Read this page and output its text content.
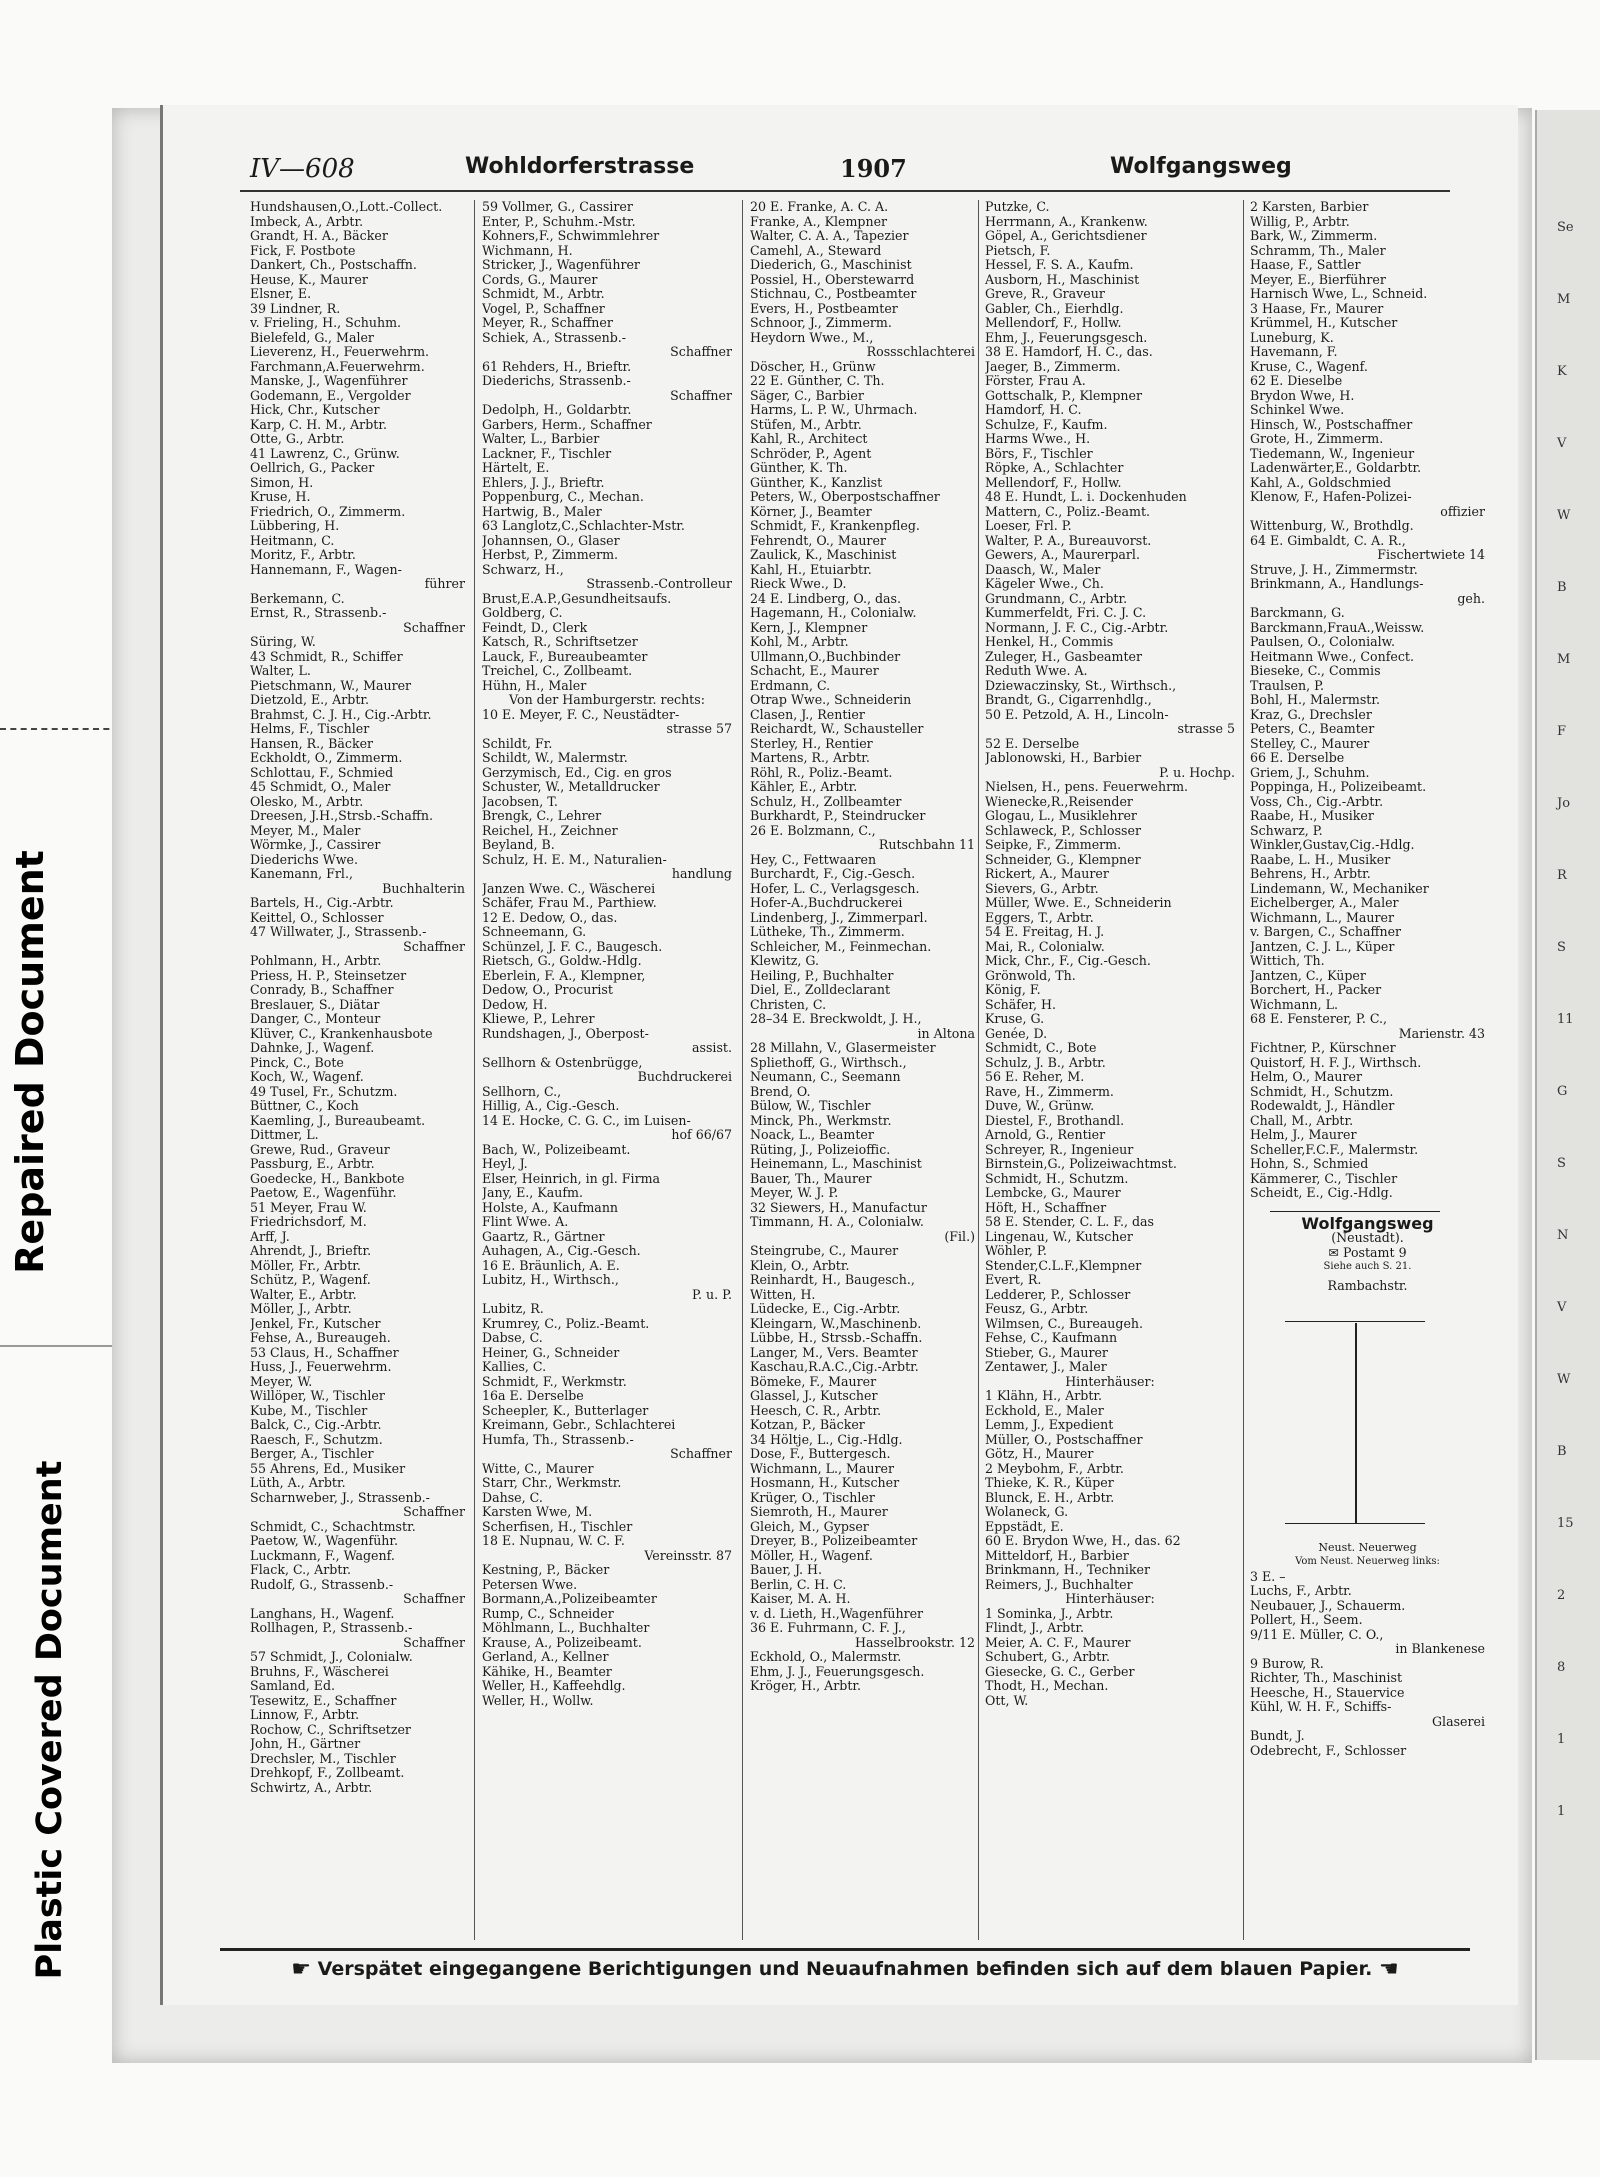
Repaired Document
Plastic Covered Document
Se
M
K
V
W
B
M
F
Jo
R
S
11
G
S
N
V
W
B
15
2
8
1
1
IV—608	Wohldorferstrasse	1907	Wolfgangsweg
Hundshausen,O.,Lott.-Collect.
Imbeck, A., Arbtr.
Grandt, H. A., Bäcker
Fick, F. Postbote
Dankert, Ch., Postschaffn.
Heuse, K., Maurer
Elsner, E.
39 Lindner, R.
v. Frieling, H., Schuhm.
Bielefeld, G., Maler
Lieverenz, H., Feuerwehrm.
Farchmann,A.Feuerwehrm.
Manske, J., Wagenführer
Godemann, E., Vergolder
Hick, Chr., Kutscher
Karp, C. H. M., Arbtr.
Otte, G., Arbtr.
41 Lawrenz, C., Grünw.
Oellrich, G., Packer
Simon, H.
Kruse, H.
Friedrich, O., Zimmerm.
Lübbering, H.
Heitmann, C.
Moritz, F., Arbtr.
Hannemann, F., Wagen-
führer
Berkemann, C.
Ernst, R., Strassenb.-
Schaffner
Süring, W.
43 Schmidt, R., Schiffer
Walter, L.
Pietschmann, W., Maurer
Dietzold, E., Arbtr.
Brahmst, C. J. H., Cig.-Arbtr.
Helms, F., Tischler
Hansen, R., Bäcker
Eckholdt, O., Zimmerm.
Schlottau, F., Schmied
45 Schmidt, O., Maler
Olesko, M., Arbtr.
Dreesen, J.H.,Strsb.-Schaffn.
Meyer, M., Maler
Wörmke, J., Cassirer
Diederichs Wwe.
Kanemann, Frl.,
Buchhalterin
Bartels, H., Cig.-Arbtr.
Keittel, O., Schlosser
47 Willwater, J., Strassenb.-
Schaffner
Pohlmann, H., Arbtr.
Priess, H. P., Steinsetzer
Conrady, B., Schaffner
Breslauer, S., Diätar
Danger, C., Monteur
Klüver, C., Krankenhausbote
Dahnke, J., Wagenf.
Pinck, C., Bote
Koch, W., Wagenf.
49 Tusel, Fr., Schutzm.
Büttner, C., Koch
Kaemling, J., Bureaubeamt.
Dittmer, L.
Grewe, Rud., Graveur
Passburg, E., Arbtr.
Goedecke, H., Bankbote
Paetow, E., Wagenführ.
51 Meyer, Frau W.
Friedrichsdorf, M.
Arff, J.
Ahrendt, J., Brieftr.
Möller, Fr., Arbtr.
Schütz, P., Wagenf.
Walter, E., Arbtr.
Möller, J., Arbtr.
Jenkel, Fr., Kutscher
Fehse, A., Bureaugeh.
53 Claus, H., Schaffner
Huss, J., Feuerwehrm.
Meyer, W.
Willöper, W., Tischler
Kube, M., Tischler
Balck, C., Cig.-Arbtr.
Raesch, F., Schutzm.
Berger, A., Tischler
55 Ahrens, Ed., Musiker
Lüth, A., Arbtr.
Scharnweber, J., Strassenb.-
Schaffner
Schmidt, C., Schachtmstr.
Paetow, W., Wagenführ.
Luckmann, F., Wagenf.
Flack, C., Arbtr.
Rudolf, G., Strassenb.-
Schaffner
Langhans, H., Wagenf.
Rollhagen, P., Strassenb.-
Schaffner
57 Schmidt, J., Colonialw.
Bruhns, F., Wäscherei
Samland, Ed.
Tesewitz, E., Schaffner
Linnow, F., Arbtr.
Rochow, C., Schriftsetzer
John, H., Gärtner
Drechsler, M., Tischler
Drehkopf, F., Zollbeamt.
Schwirtz, A., Arbtr.
59 Vollmer, G., Cassirer
Enter, P., Schuhm.-Mstr.
Kohners,F., Schwimmlehrer
Wichmann, H.
Stricker, J., Wagenführer
Cords, G., Maurer
Schmidt, M., Arbtr.
Vogel, P., Schaffner
Meyer, R., Schaffner
Schiek, A., Strassenb.-
Schaffner
61 Rehders, H., Brieftr.
Diederichs, Strassenb.-
Schaffner
Dedolph, H., Goldarbtr.
Garbers, Herm., Schaffner
Walter, L., Barbier
Lackner, F., Tischler
Härtelt, E.
Ehlers, J. J., Brieftr.
Poppenburg, C., Mechan.
Hartwig, B., Maler
63 Langlotz,C.,Schlachter-Mstr.
Johannsen, O., Glaser
Herbst, P., Zimmerm.
Schwarz, H.,
Strassenb.-Controlleur
Brust,E.A.P.,Gesundheitsaufs.
Goldberg, C.
Feindt, D., Clerk
Katsch, R., Schriftsetzer
Lauck, F., Bureaubeamter
Treichel, C., Zollbeamt.
Hühn, H., Maler
Von der Hamburgerstr. rechts:
10 E. Meyer, F. C., Neustädter-
strasse 57
Schildt, Fr.
Schildt, W., Malermstr.
Gerzymisch, Ed., Cig. en gros
Schuster, W., Metalldrucker
Jacobsen, T.
Brengk, C., Lehrer
Reichel, H., Zeichner
Beyland, B.
Schulz, H. E. M., Naturalien-
handlung
Janzen Wwe. C., Wäscherei
Schäfer, Frau M., Parthiew.
12 E. Dedow, O., das.
Schneemann, G.
Schünzel, J. F. C., Baugesch.
Rietsch, G., Goldw.-Hdlg.
Eberlein, F. A., Klempner,
Dedow, O., Procurist
Dedow, H.
Kliewe, P., Lehrer
Rundshagen, J., Oberpost-
assist.
Sellhorn & Ostenbrügge,
Buchdruckerei
Sellhorn, C.,
Hillig, A., Cig.-Gesch.
14 E. Hocke, C. G. C., im Luisen-
hof 66/67
Bach, W., Polizeibeamt.
Heyl, J.
Elser, Heinrich, in gl. Firma
Jany, E., Kaufm.
Holste, A., Kaufmann
Flint Wwe. A.
Gaartz, R., Gärtner
Auhagen, A., Cig.-Gesch.
16 E. Bräunlich, A. E.
Lubitz, H., Wirthsch.,
P. u. P.
Lubitz, R.
Krumrey, C., Poliz.-Beamt.
Dabse, C.
Heiner, G., Schneider
Kallies, C.
Schmidt, F., Werkmstr.
16a E. Derselbe
Scheepler, K., Butterlager
Kreimann, Gebr., Schlachterei
Humfa, Th., Strassenb.-
Schaffner
Witte, C., Maurer
Starr, Chr., Werkmstr.
Dahse, C.
Karsten Wwe, M.
Scherfisen, H., Tischler
18 E. Nupnau, W. C. F.
Vereinsstr. 87
Kestning, P., Bäcker
Petersen Wwe.
Bormann,A.,Polizeibeamter
Rump, C., Schneider
Möhlmann, L., Buchhalter
Krause, A., Polizeibeamt.
Gerland, A., Kellner
Kähike, H., Beamter
Weller, H., Kaffeehdlg.
Weller, H., Wollw.
20 E. Franke, A. C. A.
Franke, A., Klempner
Walter, C. A. A., Tapezier
Camehl, A., Steward
Diederich, G., Maschinist
Possiel, H., Oberstewarrd
Stichnau, C., Postbeamter
Evers, H., Postbeamter
Schnoor, J., Zimmerm.
Heydorn Wwe., M.,
Rossschlachterei
Döscher, H., Grünw
22 E. Günther, C. Th.
Säger, C., Barbier
Harms, L. P. W., Uhrmach.
Stüfen, M., Arbtr.
Kahl, R., Architect
Schröder, P., Agent
Günther, K. Th.
Günther, K., Kanzlist
Peters, W., Oberpostschaffner
Körner, J., Beamter
Schmidt, F., Krankenpfleg.
Fehrendt, O., Maurer
Zaulick, K., Maschinist
Kahl, H., Etuiarbtr.
Rieck Wwe., D.
24 E. Lindberg, O., das.
Hagemann, H., Colonialw.
Kern, J., Klempner
Kohl, M., Arbtr.
Ullmann,O.,Buchbinder
Schacht, E., Maurer
Erdmann, C.
Otrap Wwe., Schneiderin
Clasen, J., Rentier
Reichardt, W., Schausteller
Sterley, H., Rentier
Martens, R., Arbtr.
Röhl, R., Poliz.-Beamt.
Kähler, E., Arbtr.
Schulz, H., Zollbeamter
Burkhardt, P., Steindrucker
26 E. Bolzmann, C.,
Rutschbahn 11
Hey, C., Fettwaaren
Burchardt, F., Cig.-Gesch.
Hofer, L. C., Verlagsgesch.
Hofer-A.,Buchdruckerei
Lindenberg, J., Zimmerparl.
Lütheke, Th., Zimmerm.
Schleicher, M., Feinmechan.
Klewitz, G.
Heiling, P., Buchhalter
Diel, E., Zolldeclarant
Christen, C.
28–34 E. Breckwoldt, J. H.,
in Altona
28 Millahn, V., Glasermeister
Spliethoff, G., Wirthsch.,
Neumann, C., Seemann
Brend, O.
Bülow, W., Tischler
Minck, Ph., Werkmstr.
Noack, L., Beamter
Rüting, J., Polizeioffic.
Heinemann, L., Maschinist
Bauer, Th., Maurer
Meyer, W. J. P.
32 Siewers, H., Manufactur
Timmann, H. A., Colonialw.
(Fil.)
Steingrube, C., Maurer
Klein, O., Arbtr.
Reinhardt, H., Baugesch.,
Witten, H.
Lüdecke, E., Cig.-Arbtr.
Kleingarn, W.,Maschinenb.
Lübbe, H., Strssb.-Schaffn.
Langer, M., Vers. Beamter
Kaschau,R.A.C.,Cig.-Arbtr.
Bömeke, F., Maurer
Glassel, J., Kutscher
Heesch, C. R., Arbtr.
Kotzan, P., Bäcker
34 Höltje, L., Cig.-Hdlg.
Dose, F., Buttergesch.
Wichmann, L., Maurer
Hosmann, H., Kutscher
Krüger, O., Tischler
Siemroth, H., Maurer
Gleich, M., Gypser
Dreyer, B., Polizeibeamter
Möller, H., Wagenf.
Bauer, J. H.
Berlin, C. H. C.
Kaiser, M. A. H.
v. d. Lieth, H.,Wagenführer
36 E. Fuhrmann, C. F. J.,
Hasselbrookstr. 12
Eckhold, O., Malermstr.
Ehm, J. J., Feuerungsgesch.
Kröger, H., Arbtr.
Putzke, C.
Herrmann, A., Krankenw.
Göpel, A., Gerichtsdiener
Pietsch, F.
Hessel, F. S. A., Kaufm.
Ausborn, H., Maschinist
Greve, R., Graveur
Gabler, Ch., Eierhdlg.
Mellendorf, F., Hollw.
Ehm, J., Feuerungsgesch.
38 E. Hamdorf, H. C., das.
Jaeger, B., Zimmerm.
Förster, Frau A.
Gottschalk, P., Klempner
Hamdorf, H. C.
Schulze, F., Kaufm.
Harms Wwe., H.
Börs, F., Tischler
Röpke, A., Schlachter
Mellendorf, F., Hollw.
48 E. Hundt, L. i. Dockenhuden
Mattern, C., Poliz.-Beamt.
Loeser, Frl. P.
Walter, P. A., Bureauvorst.
Gewers, A., Maurerparl.
Daasch, W., Maler
Kägeler Wwe., Ch.
Grundmann, C., Arbtr.
Kummerfeldt, Fri. C. J. C.
Normann, J. F. C., Cig.-Arbtr.
Henkel, H., Commis
Zuleger, H., Gasbeamter
Reduth Wwe. A.
Dziewaczinsky, St., Wirthsch.,
Brandt, G., Cigarrenhdlg.,
50 E. Petzold, A. H., Lincoln-
strasse 5
52 E. Derselbe
Jablonowski, H., Barbier
P. u. Hochp.
Nielsen, H., pens. Feuerwehrm.
Wienecke,R.,Reisender
Glogau, L., Musiklehrer
Schlaweck, P., Schlosser
Seipke, F., Zimmerm.
Schneider, G., Klempner
Rickert, A., Maurer
Sievers, G., Arbtr.
Müller, Wwe. E., Schneiderin
Eggers, T., Arbtr.
54 E. Freitag, H. J.
Mai, R., Colonialw.
Mick, Chr., F., Cig.-Gesch.
Grönwold, Th.
König, F.
Schäfer, H.
Kruse, G.
Genée, D.
Schmidt, C., Bote
Schulz, J. B., Arbtr.
56 E. Reher, M.
Rave, H., Zimmerm.
Duve, W., Grünw.
Diestel, F., Brothandl.
Arnold, G., Rentier
Schreyer, R., Ingenieur
Birnstein,G., Polizeiwachtmst.
Schmidt, H., Schutzm.
Lembcke, G., Maurer
Höft, H., Schaffner
58 E. Stender, C. L. F., das
Lingenau, W., Kutscher
Wöhler, P.
Stender,C.L.F.,Klempner
Evert, R.
Ledderer, P., Schlosser
Feusz, G., Arbtr.
Wilmsen, C., Bureaugeh.
Fehse, C., Kaufmann
Stieber, G., Maurer
Zentawer, J., Maler
Hinterhäuser:
1 Klähn, H., Arbtr.
Eckhold, E., Maler
Lemm, J., Expedient
Müller, O., Postschaffner
Götz, H., Maurer
2 Meybohm, F., Arbtr.
Thieke, K. R., Küper
Blunck, E. H., Arbtr.
Wolaneck, G.
Eppstädt, E.
60 E. Brydon Wwe, H., das. 62
Mitteldorf, H., Barbier
Brinkmann, H., Techniker
Reimers, J., Buchhalter
Hinterhäuser:
1 Sominka, J., Arbtr.
Flindt, J., Arbtr.
Meier, A. C. F., Maurer
Schubert, G., Arbtr.
Giesecke, G. C., Gerber
Thodt, H., Mechan.
Ott, W.
2 Karsten, Barbier
Willig, P., Arbtr.
Bark, W., Zimmerm.
Schramm, Th., Maler
Haase, F., Sattler
Meyer, E., Bierführer
Harnisch Wwe, L., Schneid.
3 Haase, Fr., Maurer
Krümmel, H., Kutscher
Luneburg, K.
Havemann, F.
Kruse, C., Wagenf.
62 E. Dieselbe
Brydon Wwe, H.
Schinkel Wwe.
Hinsch, W., Postschaffner
Grote, H., Zimmerm.
Tiedemann, W., Ingenieur
Ladenwärter,E., Goldarbtr.
Kahl, A., Goldschmied
Klenow, F., Hafen-Polizei-
offizier
Wittenburg, W., Brothdlg.
64 E. Gimbaldt, C. A. R.,
Fischertwiete 14
Struve, J. H., Zimmermstr.
Brinkmann, A., Handlungs-
geh.
Barckmann, G.
Barckmann,FrauA.,Weissw.
Paulsen, O., Colonialw.
Heitmann Wwe., Confect.
Bieseke, C., Commis
Traulsen, P.
Bohl, H., Malermstr.
Kraz, G., Drechsler
Peters, C., Beamter
Stelley, C., Maurer
66 E. Derselbe
Griem, J., Schuhm.
Poppinga, H., Polizeibeamt.
Voss, Ch., Cig.-Arbtr.
Raabe, H., Musiker
Schwarz, P.
Winkler,Gustav,Cig.-Hdlg.
Raabe, L. H., Musiker
Behrens, H., Arbtr.
Lindemann, W., Mechaniker
Eichelberger, A., Maler
Wichmann, L., Maurer
v. Bargen, C., Schaffner
Jantzen, C. J. L., Küper
Wittich, Th.
Jantzen, C., Küper
Borchert, H., Packer
Wichmann, L.
68 E. Fensterer, P. C.,
Marienstr. 43
Fichtner, P., Kürschner
Quistorf, H. F. J., Wirthsch.
Helm, O., Maurer
Schmidt, H., Schutzm.
Rodewaldt, J., Händler
Chall, M., Arbtr.
Helm, J., Maurer
Scheller,F.C.F., Malermstr.
Hohn, S., Schmied
Kämmerer, C., Tischler
Scheidt, E., Cig.-Hdlg.
Wolfgangsweg
(Neustadt).
✉ Postamt 9
Siehe auch S. 21.
Rambachstr.
Neust. Neuerweg
Vom Neust. Neuerweg links:
3 E. –
Luchs, F., Arbtr.
Neubauer, J., Schauerm.
Pollert, H., Seem.
9/11 E. Müller, C. O.,
in Blankenese
9 Burow, R.
Richter, Th., Maschinist
Heesche, H., Stauervice
Kühl, W. H. F., Schiffs-
Glaserei
Bundt, J.
Odebrecht, F., Schlosser
☛ Verspätet eingegangene Berichtigungen und Neuaufnahmen befinden sich auf dem blauen Papier. ☚
